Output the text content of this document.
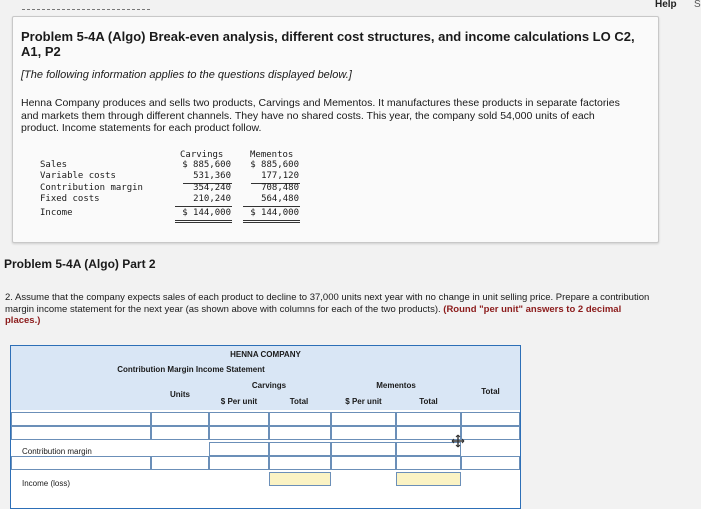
Help S
Problem 5-4A (Algo) Break-even analysis, different cost structures, and income calculations LO C2, A1, P2
[The following information applies to the questions displayed below.]
Henna Company produces and sells two products, Carvings and Mementos. It manufactures these products in separate factories and markets them through different channels. They have no shared costs. This year, the company sold 54,000 units of each product. Income statements for each product follow.
Carvings	Mementos
Sales	$ 885,600	$ 885,600
Variable costs	531,360	177,120
Contribution margin	354,240	708,480
Fixed costs	210,240	564,480
Income	$ 144,000	$ 144,000
Problem 5-4A (Algo) Part 2
2. Assume that the company expects sales of each product to decline to 37,000 units next year with no change in unit selling price. Prepare a contribution margin income statement for the next year (as shown above with columns for each of the two products). (Round "per unit" answers to 2 decimal places.)
HENNA COMPANY
Contribution Margin Income Statement
Units
Carvings
$ Per unit	Total
Mementos
$ Per unit	Total
Total
Contribution margin
Income (loss)
